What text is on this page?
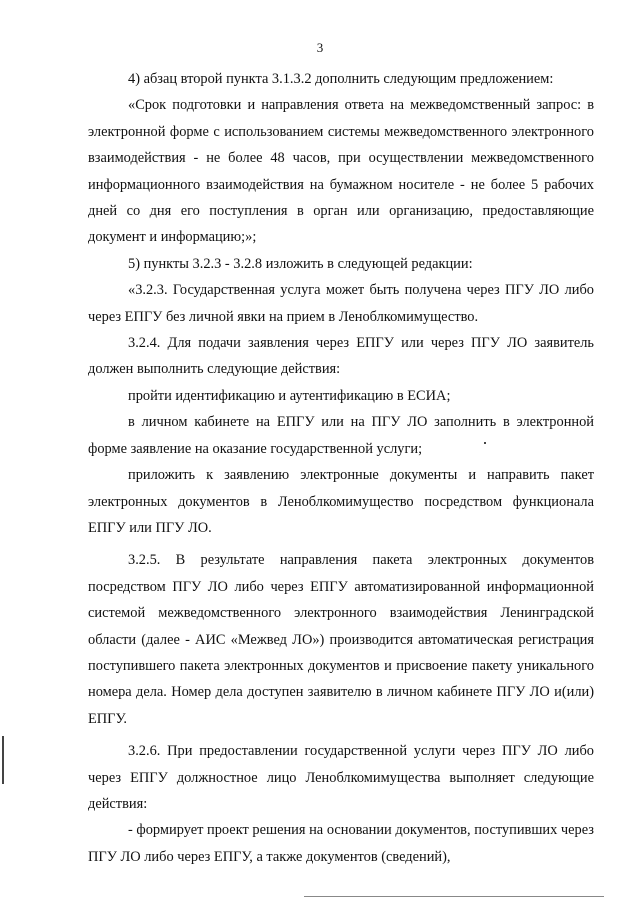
3

4) абзац второй пункта 3.1.3.2 дополнить следующим предложением:

«Срок подготовки и направления ответа на межведомственный запрос: в электронной форме с использованием системы межведомственного электронного взаимодействия - не более 48 часов, при осуществлении межведомственного информационного взаимодействия на бумажном носителе - не более 5 рабочих дней со дня его поступления в орган или организацию, предоставляющие документ и информацию;»;

5) пункты 3.2.3 - 3.2.8 изложить в следующей редакции:

«3.2.3. Государственная услуга может быть получена через ПГУ ЛО либо через ЕПГУ без личной явки на прием в Леноблкомимущество.

3.2.4. Для подачи заявления через ЕПГУ или через ПГУ ЛО заявитель должен выполнить следующие действия:

пройти идентификацию и аутентификацию в ЕСИА;

в личном кабинете на ЕПГУ или на ПГУ ЛО заполнить в электронной форме заявление на оказание государственной услуги;

приложить к заявлению электронные документы и направить пакет электронных документов в Леноблкомимущество посредством функционала ЕПГУ или ПГУ ЛО.

3.2.5. В результате направления пакета электронных документов посредством ПГУ ЛО либо через ЕПГУ автоматизированной информационной системой межведомственного электронного взаимодействия Ленинградской области (далее - АИС «Межвед ЛО») производится автоматическая регистрация поступившего пакета электронных документов и присвоение пакету уникального номера дела. Номер дела доступен заявителю в личном кабинете ПГУ ЛО и(или) ЕПГУ.

3.2.6. При предоставлении государственной услуги через ПГУ ЛО либо через ЕПГУ должностное лицо Леноблкомимущества выполняет следующие действия:

- формирует проект решения на основании документов, поступивших через ПГУ ЛО либо через ЕПГУ, а также документов (сведений),
